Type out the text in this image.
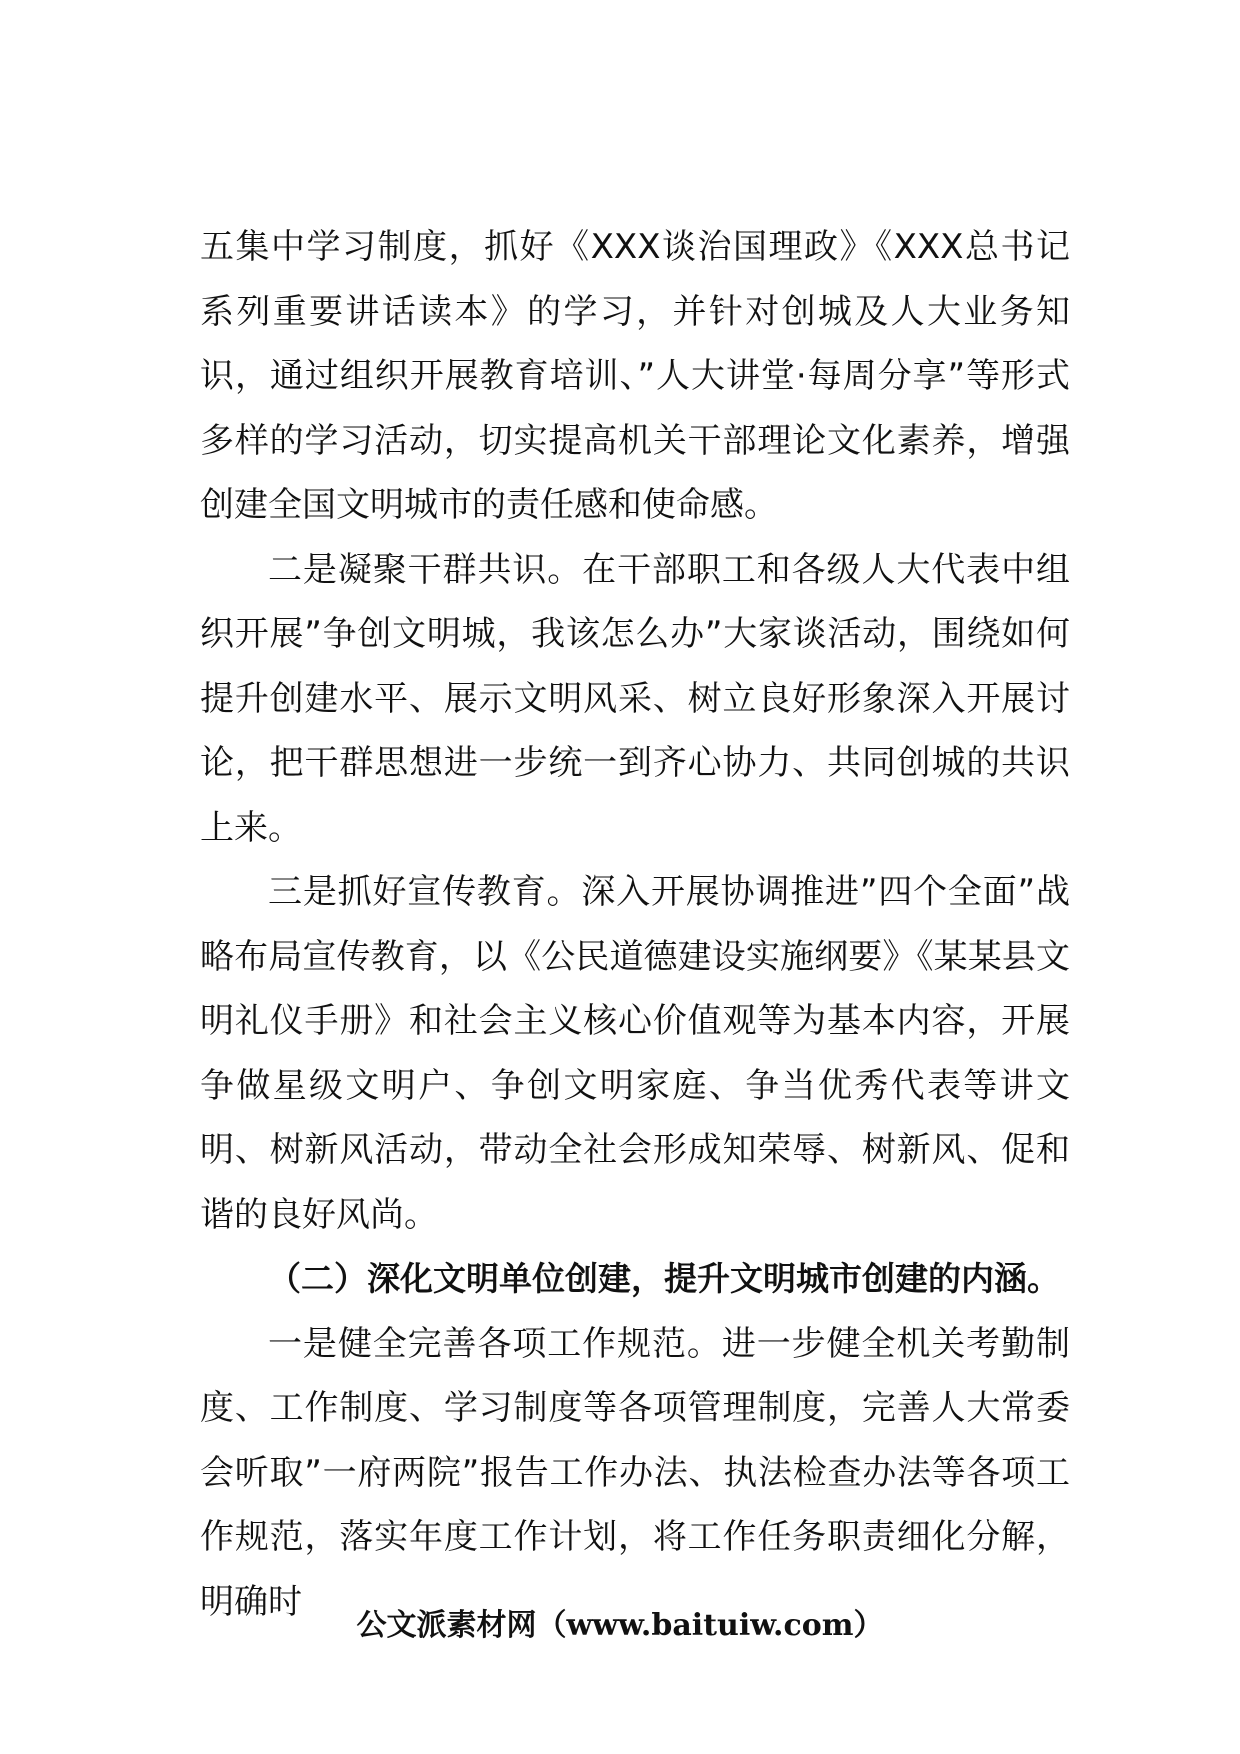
五集中学习制度，抓好《XXX谈治国理政》《XXX总书记系列重要讲话读本》的学习，并针对创城及人大业务知识，通过组织开展教育培训、”人大讲堂·每周分享”等形式多样的学习活动，切实提高机关干部理论文化素养，增强创建全国文明城市的责任感和使命感。

二是凝聚干群共识。在干部职工和各级人大代表中组织开展”争创文明城，我该怎么办”大家谈活动，围绕如何提升创建水平、展示文明风采、树立良好形象深入开展讨论，把干群思想进一步统一到齐心协力、共同创城的共识上来。

三是抓好宣传教育。深入开展协调推进”四个全面”战略布局宣传教育，以《公民道德建设实施纲要》《某某县文明礼仪手册》和社会主义核心价值观等为基本内容，开展争做星级文明户、争创文明家庭、争当优秀代表等讲文明、树新风活动，带动全社会形成知荣辱、树新风、促和谐的良好风尚。

（二）深化文明单位创建，提升文明城市创建的内涵。

一是健全完善各项工作规范。进一步健全机关考勤制度、工作制度、学习制度等各项管理制度，完善人大常委会听取”一府两院”报告工作办法、执法检查办法等各项工作规范，落实年度工作计划，将工作任务职责细化分解，明确时

公文派素材网（www.baituiw.com）
